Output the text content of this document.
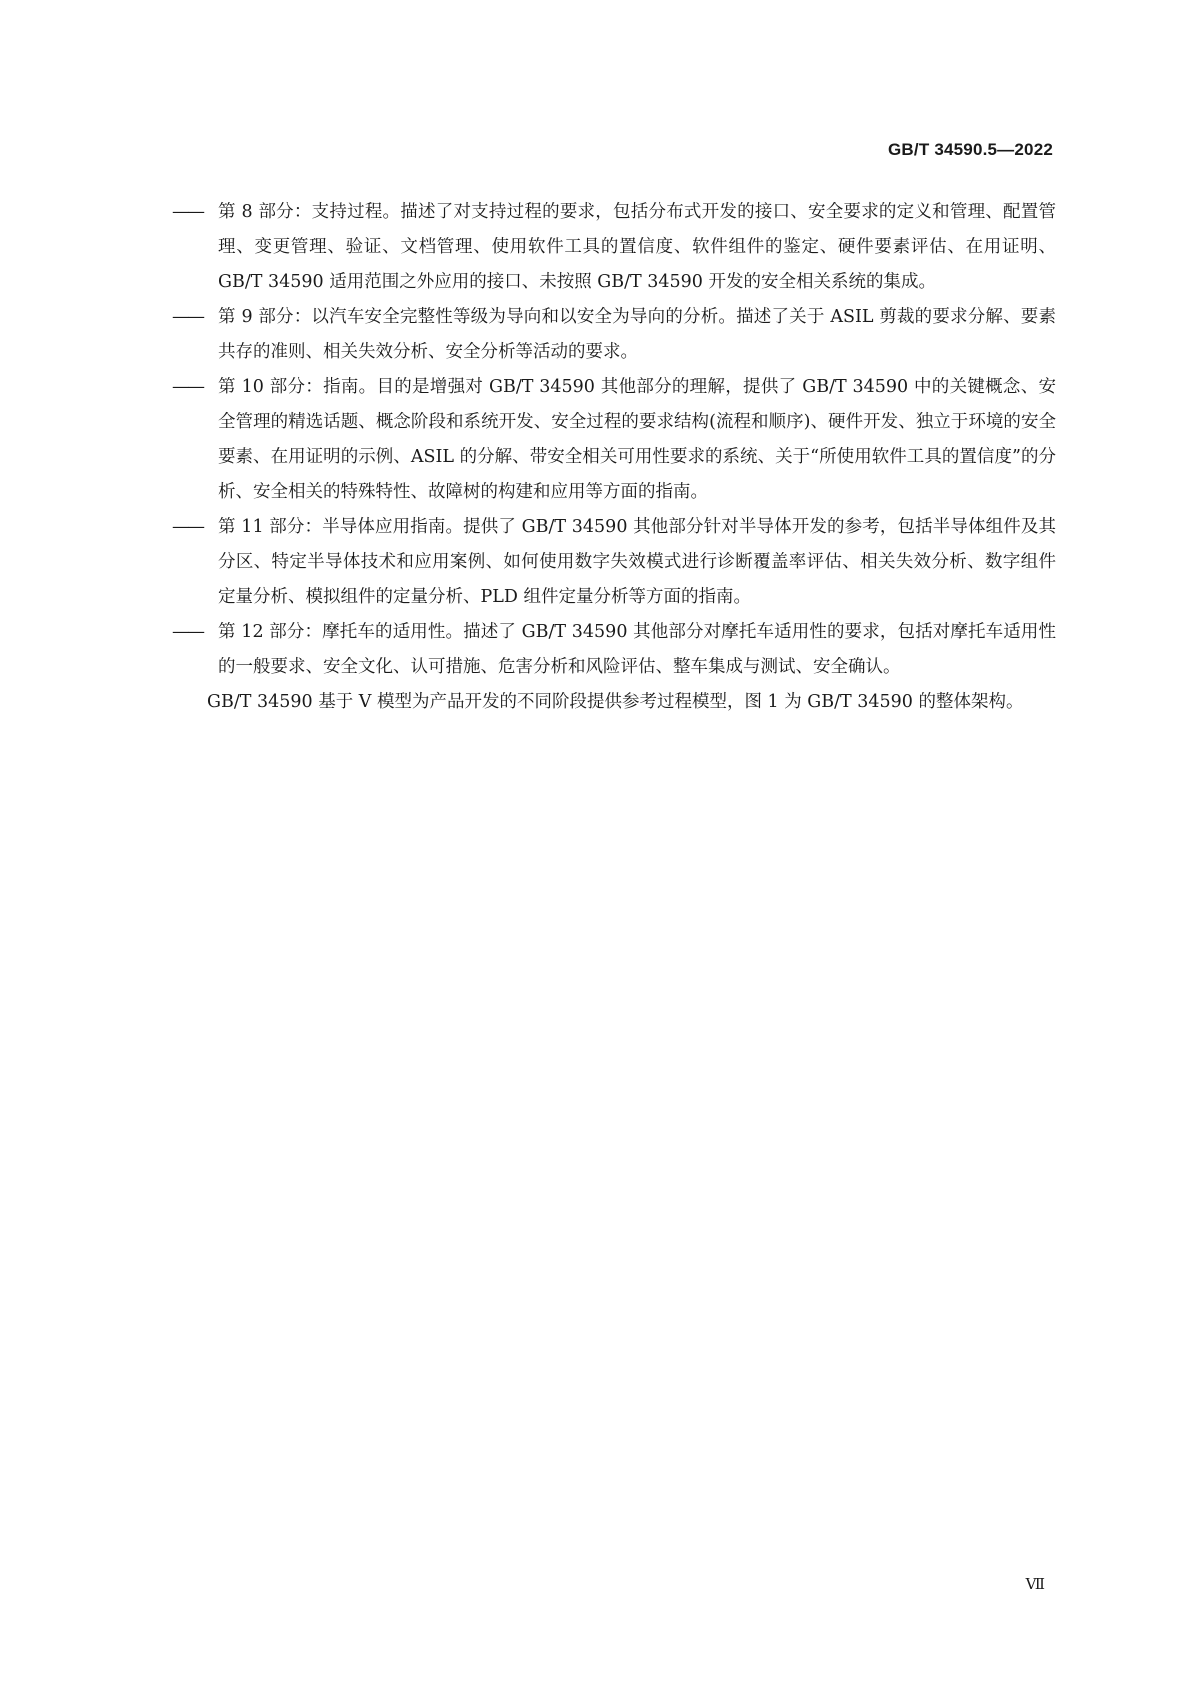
GB/T 34590.5—2022

—— 第 8 部分：支持过程。描述了对支持过程的要求，包括分布式开发的接口、安全要求的定义和管理、配置管理、变更管理、验证、文档管理、使用软件工具的置信度、软件组件的鉴定、硬件要素评估、在用证明、GB/T 34590 适用范围之外应用的接口、未按照 GB/T 34590 开发的安全相关系统的集成。

—— 第 9 部分：以汽车安全完整性等级为导向和以安全为导向的分析。描述了关于 ASIL 剪裁的要求分解、要素共存的准则、相关失效分析、安全分析等活动的要求。

—— 第 10 部分：指南。目的是增强对 GB/T 34590 其他部分的理解，提供了 GB/T 34590 中的关键概念、安全管理的精选话题、概念阶段和系统开发、安全过程的要求结构(流程和顺序)、硬件开发、独立于环境的安全要素、在用证明的示例、ASIL 的分解、带安全相关可用性要求的系统、关于“所使用软件工具的置信度”的分析、安全相关的特殊特性、故障树的构建和应用等方面的指南。

—— 第 11 部分：半导体应用指南。提供了 GB/T 34590 其他部分针对半导体开发的参考，包括半导体组件及其分区、特定半导体技术和应用案例、如何使用数字失效模式进行诊断覆盖率评估、相关失效分析、数字组件定量分析、模拟组件的定量分析、PLD 组件定量分析等方面的指南。

—— 第 12 部分：摩托车的适用性。描述了 GB/T 34590 其他部分对摩托车适用性的要求，包括对摩托车适用性的一般要求、安全文化、认可措施、危害分析和风险评估、整车集成与测试、安全确认。

GB/T 34590 基于 V 模型为产品开发的不同阶段提供参考过程模型，图 1 为 GB/T 34590 的整体架构。

Ⅶ
